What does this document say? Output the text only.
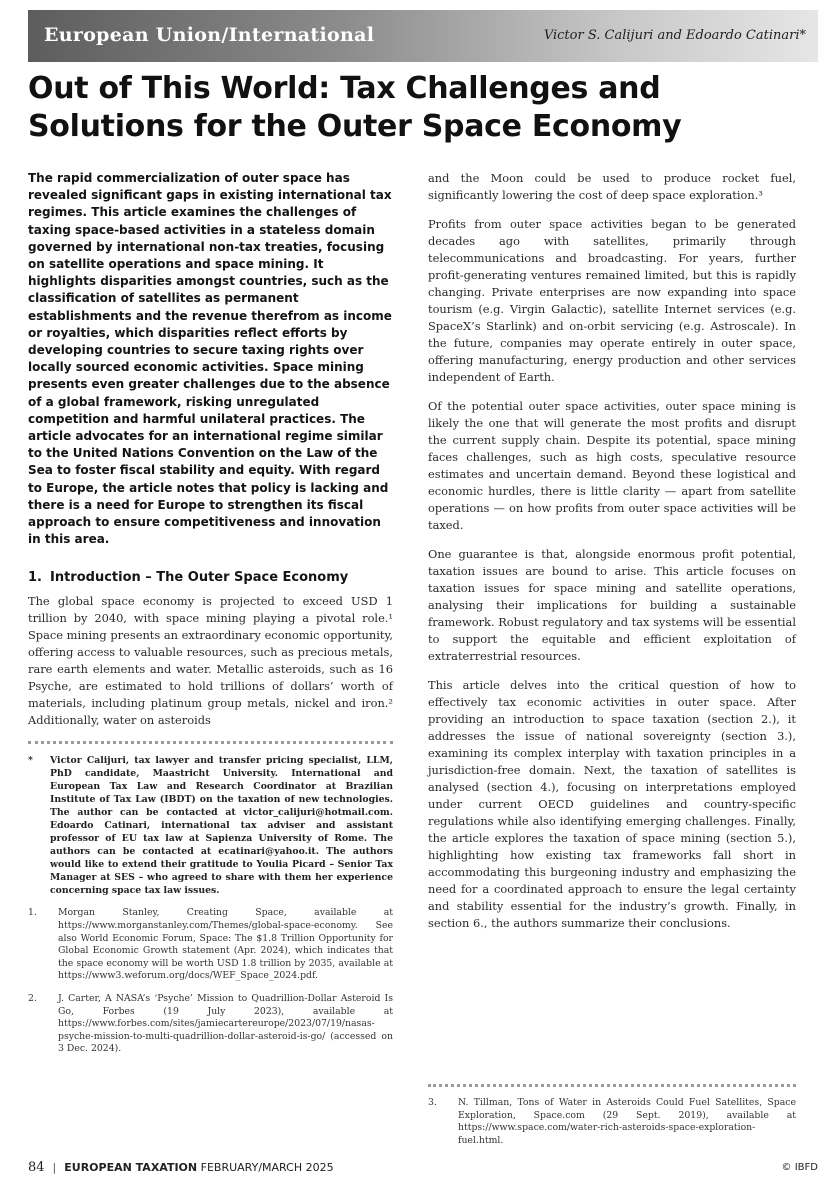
European Union/International	Victor S. Calijuri and Edoardo Catinari*
Out of This World: Tax Challenges and
Solutions for the Outer Space Economy

The rapid commercialization of outer space has revealed significant gaps in existing international tax regimes. This article examines the challenges of taxing space-based activities in a stateless domain governed by international non-tax treaties, focusing on satellite operations and space mining. It highlights disparities amongst countries, such as the classification of satellites as permanent establishments and the revenue therefrom as income or royalties, which disparities reflect efforts by developing countries to secure taxing rights over locally sourced economic activities. Space mining presents even greater challenges due to the absence of a global framework, risking unregulated competition and harmful unilateral practices. The article advocates for an international regime similar to the United Nations Convention on the Law of the Sea to foster fiscal stability and equity. With regard to Europe, the article notes that policy is lacking and there is a need for Europe to strengthen its fiscal approach to ensure competitiveness and innovation in this area.

1. Introduction – The Outer Space Economy

The global space economy is projected to exceed USD 1 trillion by 2040, with space mining playing a pivotal role.¹ Space mining presents an extraordinary economic opportunity, offering access to valuable resources, such as precious metals, rare earth elements and water. Metallic asteroids, such as 16 Psyche, are estimated to hold trillions of dollars’ worth of materials, including platinum group metals, nickel and iron.² Additionally, water on asteroids

*	Victor Calijuri, tax lawyer and transfer pricing specialist, LLM, PhD candidate, Maastricht University. International and European Tax Law and Research Coordinator at Brazilian Institute of Tax Law (IBDT) on the taxation of new technologies. The author can be contacted at victor_calijuri@hotmail.com. Edoardo Catinari, international tax adviser and assistant professor of EU tax law at Sapienza University of Rome. The authors can be contacted at ecatinari@yahoo.it. The authors would like to extend their gratitude to Youlia Picard – Senior Tax Manager at SES – who agreed to share with them her experience concerning space tax law issues.
1.	Morgan Stanley, Creating Space, available at https://www.morganstanley.com/Themes/global-space-economy. See also World Economic Forum, Space: The $1.8 Trillion Opportunity for Global Economic Growth statement (Apr. 2024), which indicates that the space economy will be worth USD 1.8 trillion by 2035, available at https://www3.weforum.org/docs/WEF_Space_2024.pdf.
2.	J. Carter, A NASA’s ‘Psyche’ Mission to Quadrillion-Dollar Asteroid Is Go, Forbes (19 July 2023), available at https://www.forbes.com/sites/jamiecartereurope/2023/07/19/nasas-psyche-mission-to-multi-quadrillion-dollar-asteroid-is-go/ (accessed on 3 Dec. 2024).

and the Moon could be used to produce rocket fuel, significantly lowering the cost of deep space exploration.³

Profits from outer space activities began to be generated decades ago with satellites, primarily through telecommunications and broadcasting. For years, further profit-generating ventures remained limited, but this is rapidly changing. Private enterprises are now expanding into space tourism (e.g. Virgin Galactic), satellite Internet services (e.g. SpaceX’s Starlink) and on-orbit servicing (e.g. Astroscale). In the future, companies may operate entirely in outer space, offering manufacturing, energy production and other services independent of Earth.

Of the potential outer space activities, outer space mining is likely the one that will generate the most profits and disrupt the current supply chain. Despite its potential, space mining faces challenges, such as high costs, speculative resource estimates and uncertain demand. Beyond these logistical and economic hurdles, there is little clarity — apart from satellite operations — on how profits from outer space activities will be taxed.

One guarantee is that, alongside enormous profit potential, taxation issues are bound to arise. This article focuses on taxation issues for space mining and satellite operations, analysing their implications for building a sustainable framework. Robust regulatory and tax systems will be essential to support the equitable and efficient exploitation of extraterrestrial resources.

This article delves into the critical question of how to effectively tax economic activities in outer space. After providing an introduction to space taxation (section 2.), it addresses the issue of national sovereignty (section 3.), examining its complex interplay with taxation principles in a jurisdiction-free domain. Next, the taxation of satellites is analysed (section 4.), focusing on interpretations employed under current OECD guidelines and country-specific regulations while also identifying emerging challenges. Finally, the article explores the taxation of space mining (section 5.), highlighting how existing tax frameworks fall short in accommodating this burgeoning industry and emphasizing the need for a coordinated approach to ensure the legal certainty and stability essential for the industry’s growth. Finally, in section 6., the authors summarize their conclusions.

3.	N. Tillman, Tons of Water in Asteroids Could Fuel Satellites, Space Exploration, Space.com (29 Sept. 2019), available at https://www.space.com/water-rich-asteroids-space-exploration-fuel.html.
84 | EUROPEAN TAXATION FEBRUARY/MARCH 2025	© IBFD
